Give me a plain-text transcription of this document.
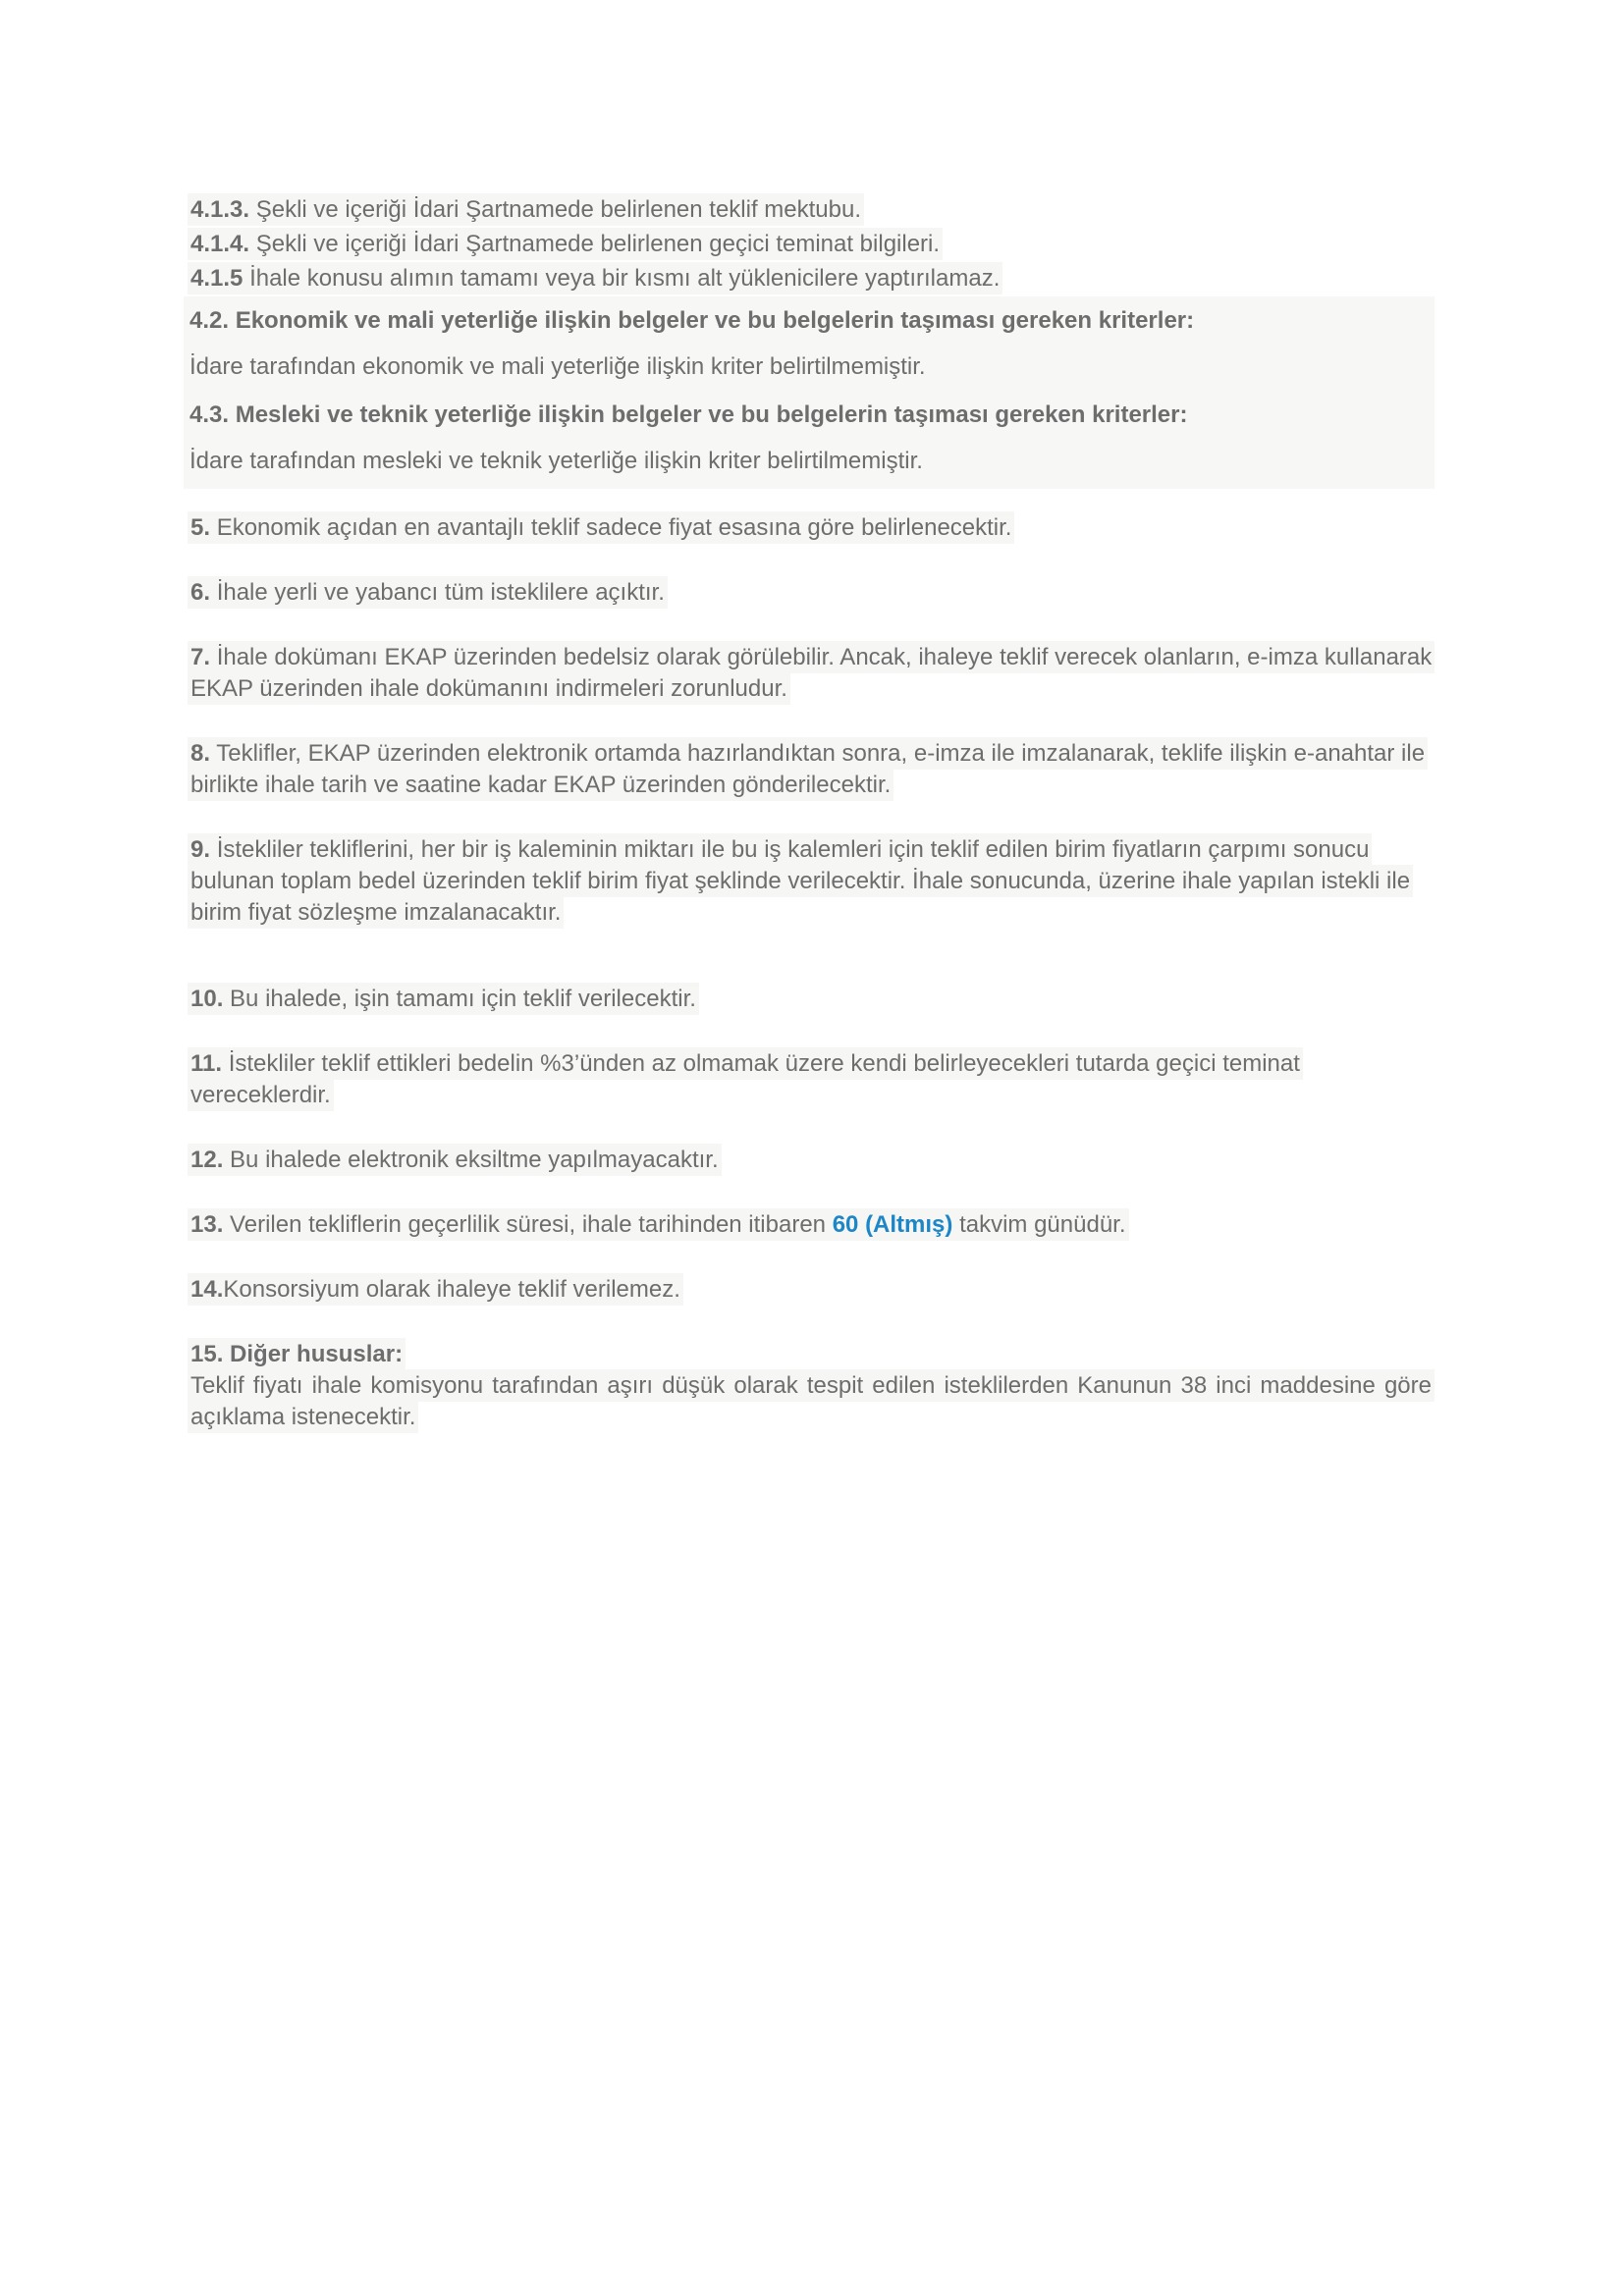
4.1.3. Şekli ve içeriği İdari Şartnamede belirlenen teklif mektubu.
4.1.4. Şekli ve içeriği İdari Şartnamede belirlenen geçici teminat bilgileri.
4.1.5 İhale konusu alımın tamamı veya bir kısmı alt yüklenicilere yaptırılamaz.

4.2. Ekonomik ve mali yeterliğe ilişkin belgeler ve bu belgelerin taşıması gereken kriterler:

İdare tarafından ekonomik ve mali yeterliğe ilişkin kriter belirtilmemiştir.

4.3. Mesleki ve teknik yeterliğe ilişkin belgeler ve bu belgelerin taşıması gereken kriterler:

İdare tarafından mesleki ve teknik yeterliğe ilişkin kriter belirtilmemiştir.

5. Ekonomik açıdan en avantajlı teklif sadece fiyat esasına göre belirlenecektir.

6. İhale yerli ve yabancı tüm isteklilere açıktır.

7. İhale dokümanı EKAP üzerinden bedelsiz olarak görülebilir. Ancak, ihaleye teklif verecek olanların, e-imza kullanarak EKAP üzerinden ihale dokümanını indirmeleri zorunludur.

8. Teklifler, EKAP üzerinden elektronik ortamda hazırlandıktan sonra, e-imza ile imzalanarak, teklife ilişkin e-anahtar ile birlikte ihale tarih ve saatine kadar EKAP üzerinden gönderilecektir.

9. İstekliler tekliflerini, her bir iş kaleminin miktarı ile bu iş kalemleri için teklif edilen birim fiyatların çarpımı sonucu bulunan toplam bedel üzerinden teklif birim fiyat şeklinde verilecektir. İhale sonucunda, üzerine ihale yapılan istekli ile birim fiyat sözleşme imzalanacaktır.

10. Bu ihalede, işin tamamı için teklif verilecektir.

11. İstekliler teklif ettikleri bedelin %3’ünden az olmamak üzere kendi belirleyecekleri tutarda geçici teminat vereceklerdir.

12. Bu ihalede elektronik eksiltme yapılmayacaktır.

13. Verilen tekliflerin geçerlilik süresi, ihale tarihinden itibaren 60 (Altmış) takvim günüdür.

14.Konsorsiyum olarak ihaleye teklif verilemez.

15. Diğer hususlar:
Teklif fiyatı ihale komisyonu tarafından aşırı düşük olarak tespit edilen isteklilerden Kanunun 38 inci maddesine göre açıklama istenecektir.
